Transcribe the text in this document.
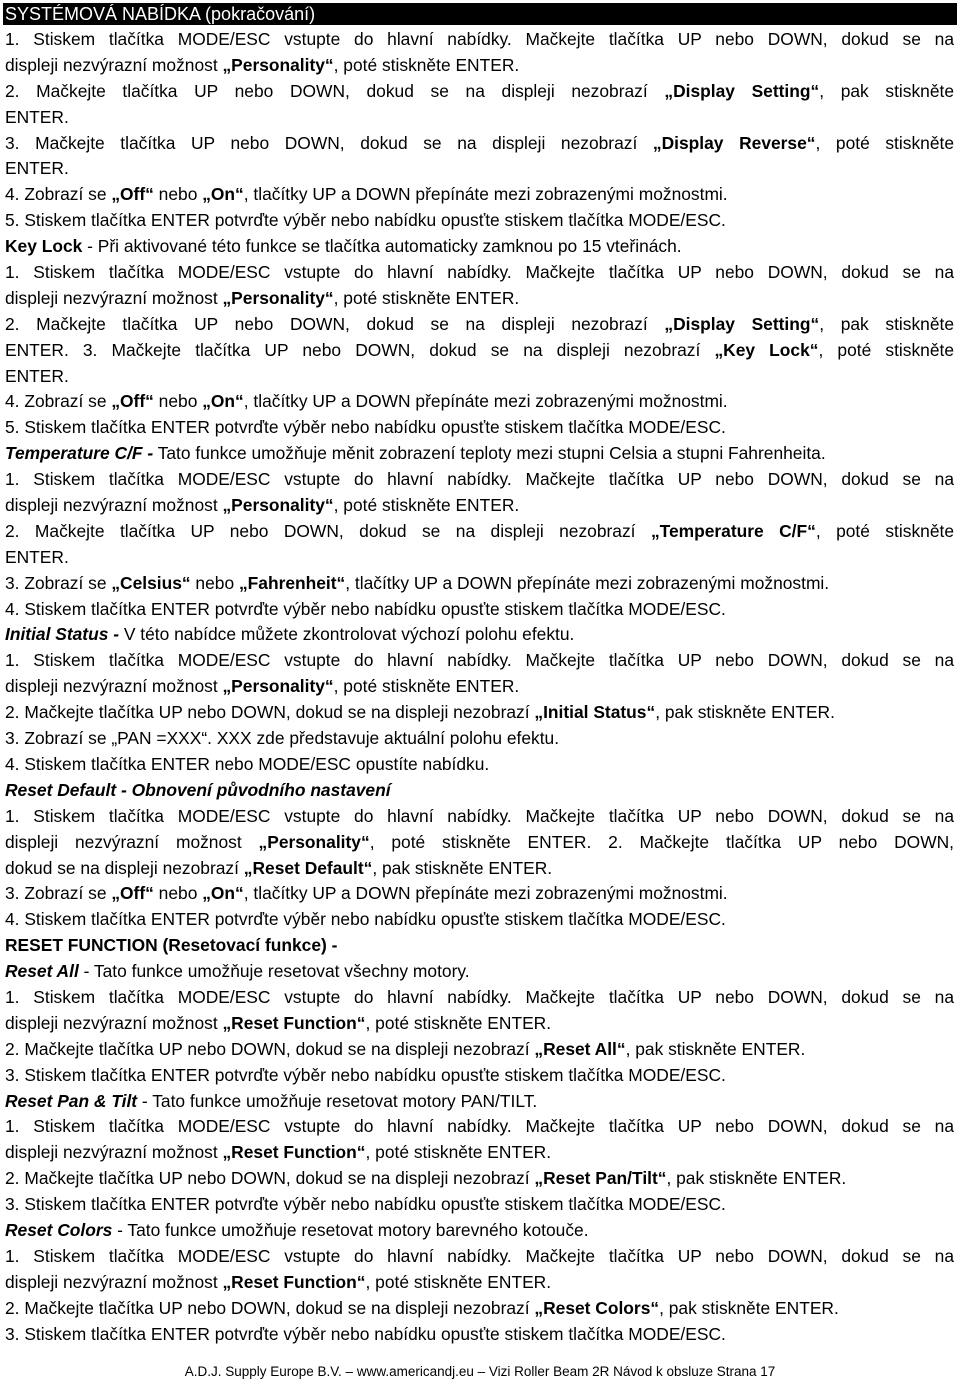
SYSTÉMOVÁ NABÍDKA (pokračování)
1. Stiskem tlačítka MODE/ESC vstupte do hlavní nabídky. Mačkejte tlačítka UP nebo DOWN, dokud se na
displeji nezvýrazní možnost „Personality“, poté stiskněte ENTER.
2. Mačkejte tlačítka UP nebo DOWN, dokud se na displeji nezobrazí „Display Setting“, pak stiskněte
ENTER.
3. Mačkejte tlačítka UP nebo DOWN, dokud se na displeji nezobrazí „Display Reverse“, poté stiskněte
ENTER.
4. Zobrazí se „Off“ nebo „On“, tlačítky UP a DOWN přepínáte mezi zobrazenými možnostmi.
5. Stiskem tlačítka ENTER potvrďte výběr nebo nabídku opusťte stiskem tlačítka MODE/ESC.
Key Lock - Při aktivované této funkce se tlačítka automaticky zamknou po 15 vteřinách.
1. Stiskem tlačítka MODE/ESC vstupte do hlavní nabídky. Mačkejte tlačítka UP nebo DOWN, dokud se na
displeji nezvýrazní možnost „Personality“, poté stiskněte ENTER.
2. Mačkejte tlačítka UP nebo DOWN, dokud se na displeji nezobrazí „Display Setting“, pak stiskněte
ENTER. 3. Mačkejte tlačítka UP nebo DOWN, dokud se na displeji nezobrazí „Key Lock“, poté stiskněte
ENTER.
4. Zobrazí se „Off“ nebo „On“, tlačítky UP a DOWN přepínáte mezi zobrazenými možnostmi.
5. Stiskem tlačítka ENTER potvrďte výběr nebo nabídku opusťte stiskem tlačítka MODE/ESC.
Temperature C/F - Tato funkce umožňuje měnit zobrazení teploty mezi stupni Celsia a stupni Fahrenheita.
1. Stiskem tlačítka MODE/ESC vstupte do hlavní nabídky. Mačkejte tlačítka UP nebo DOWN, dokud se na
displeji nezvýrazní možnost „Personality“, poté stiskněte ENTER.
2. Mačkejte tlačítka UP nebo DOWN, dokud se na displeji nezobrazí „Temperature C/F“, poté stiskněte
ENTER.
3. Zobrazí se „Celsius“ nebo „Fahrenheit“, tlačítky UP a DOWN přepínáte mezi zobrazenými možnostmi.
4. Stiskem tlačítka ENTER potvrďte výběr nebo nabídku opusťte stiskem tlačítka MODE/ESC.
Initial Status - V této nabídce můžete zkontrolovat výchozí polohu efektu.
1. Stiskem tlačítka MODE/ESC vstupte do hlavní nabídky. Mačkejte tlačítka UP nebo DOWN, dokud se na
displeji nezvýrazní možnost „Personality“, poté stiskněte ENTER.
2. Mačkejte tlačítka UP nebo DOWN, dokud se na displeji nezobrazí „Initial Status“, pak stiskněte ENTER.
3. Zobrazí se „PAN =XXX“. XXX zde představuje aktuální polohu efektu.
4. Stiskem tlačítka ENTER nebo MODE/ESC opustíte nabídku.
Reset Default - Obnovení původního nastavení
1. Stiskem tlačítka MODE/ESC vstupte do hlavní nabídky. Mačkejte tlačítka UP nebo DOWN, dokud se na
displeji nezvýrazní možnost „Personality“, poté stiskněte ENTER. 2. Mačkejte tlačítka UP nebo DOWN,
dokud se na displeji nezobrazí „Reset Default“, pak stiskněte ENTER.
3. Zobrazí se „Off“ nebo „On“, tlačítky UP a DOWN přepínáte mezi zobrazenými možnostmi.
4. Stiskem tlačítka ENTER potvrďte výběr nebo nabídku opusťte stiskem tlačítka MODE/ESC.
RESET FUNCTION (Resetovací funkce) -
Reset All - Tato funkce umožňuje resetovat všechny motory.
1. Stiskem tlačítka MODE/ESC vstupte do hlavní nabídky. Mačkejte tlačítka UP nebo DOWN, dokud se na
displeji nezvýrazní možnost „Reset Function“, poté stiskněte ENTER.
2. Mačkejte tlačítka UP nebo DOWN, dokud se na displeji nezobrazí „Reset All“, pak stiskněte ENTER.
3. Stiskem tlačítka ENTER potvrďte výběr nebo nabídku opusťte stiskem tlačítka MODE/ESC.
Reset Pan & Tilt - Tato funkce umožňuje resetovat motory PAN/TILT.
1. Stiskem tlačítka MODE/ESC vstupte do hlavní nabídky. Mačkejte tlačítka UP nebo DOWN, dokud se na
displeji nezvýrazní možnost „Reset Function“, poté stiskněte ENTER.
2. Mačkejte tlačítka UP nebo DOWN, dokud se na displeji nezobrazí „Reset Pan/Tilt“, pak stiskněte ENTER.
3. Stiskem tlačítka ENTER potvrďte výběr nebo nabídku opusťte stiskem tlačítka MODE/ESC.
Reset Colors - Tato funkce umožňuje resetovat motory barevného kotouče.
1. Stiskem tlačítka MODE/ESC vstupte do hlavní nabídky. Mačkejte tlačítka UP nebo DOWN, dokud se na
displeji nezvýrazní možnost „Reset Function“, poté stiskněte ENTER.
2. Mačkejte tlačítka UP nebo DOWN, dokud se na displeji nezobrazí „Reset Colors“, pak stiskněte ENTER.
3. Stiskem tlačítka ENTER potvrďte výběr nebo nabídku opusťte stiskem tlačítka MODE/ESC.
A.D.J. Supply Europe B.V. – www.americandj.eu – Vizi Roller Beam 2R Návod k obsluze Strana 17
